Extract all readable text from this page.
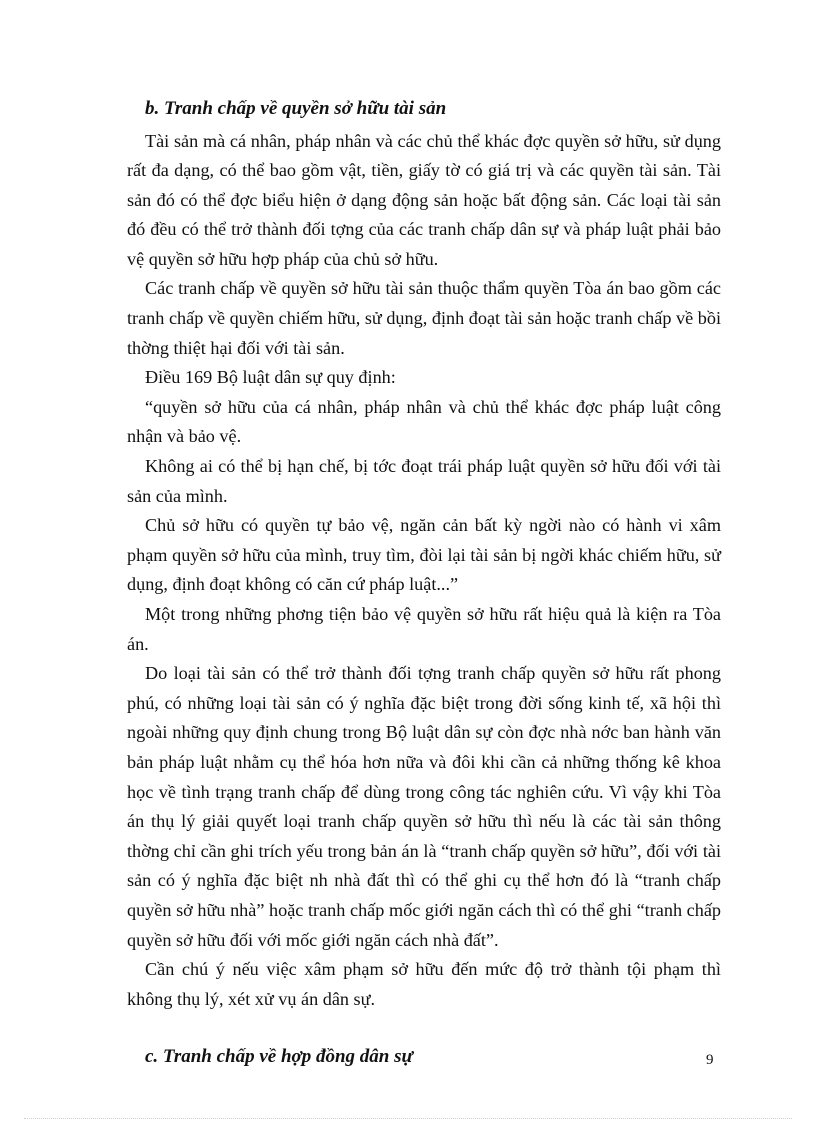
b. Tranh chấp về quyền sở hữu tài sản

Tài sản mà cá nhân, pháp nhân và các chủ thể khác đợc quyền sở hữu, sử dụng rất đa dạng, có thể bao gồm vật, tiền, giấy tờ có giá trị và các quyền tài sản. Tài sản đó có thể đợc biểu hiện ở dạng động sản hoặc bất động sản. Các loại tài sản đó đều có thể trở thành đối tợng của các tranh chấp dân sự và pháp luật phải bảo vệ quyền sở hữu hợp pháp của chủ sở hữu.

Các tranh chấp về quyền sở hữu tài sản thuộc thẩm quyền Tòa án bao gồm các tranh chấp về quyền chiếm hữu, sử dụng, định đoạt tài sản hoặc tranh chấp về bồi thờng thiệt hại đối với tài sản.

Điều 169 Bộ luật dân sự quy định:

“quyền sở hữu của cá nhân, pháp nhân và chủ thể khác đợc pháp luật công nhận và bảo vệ.

Không ai có thể bị hạn chế, bị tớc đoạt trái pháp luật quyền sở hữu đối với tài sản của mình.

Chủ sở hữu có quyền tự bảo vệ, ngăn cản bất kỳ ngời nào có hành vi xâm phạm quyền sở hữu của mình, truy tìm, đòi lại tài sản bị ngời khác chiếm hữu, sử dụng, định đoạt không có căn cứ pháp luật...”

Một trong những phơng tiện bảo vệ quyền sở hữu rất hiệu quả là kiện ra Tòa án.

Do loại tài sản có thể trở thành đối tợng tranh chấp quyền sở hữu rất phong phú, có những loại tài sản có ý nghĩa đặc biệt trong đời sống kinh tế, xã hội thì ngoài những quy định chung trong Bộ luật dân sự còn đợc nhà nớc ban hành văn bản pháp luật nhằm cụ thể hóa hơn nữa và đôi khi cần cả những thống kê khoa học về tình trạng tranh chấp để dùng trong công tác nghiên cứu. Vì vậy khi Tòa án thụ lý giải quyết loại tranh chấp quyền sở hữu thì nếu là các tài sản thông thờng chỉ cần ghi trích yếu trong bản án là “tranh chấp quyền sở hữu”, đối với tài sản có ý nghĩa đặc biệt nh nhà đất thì có thể ghi cụ thể hơn đó là “tranh chấp quyền sở hữu nhà” hoặc tranh chấp mốc giới ngăn cách thì có thể ghi “tranh chấp quyền sở hữu đối với mốc giới ngăn cách nhà đất”.

Cần chú ý nếu việc xâm phạm sở hữu đến mức độ trở thành tội phạm thì không thụ lý, xét xử vụ án dân sự.

c. Tranh chấp về hợp đồng dân sự	9
